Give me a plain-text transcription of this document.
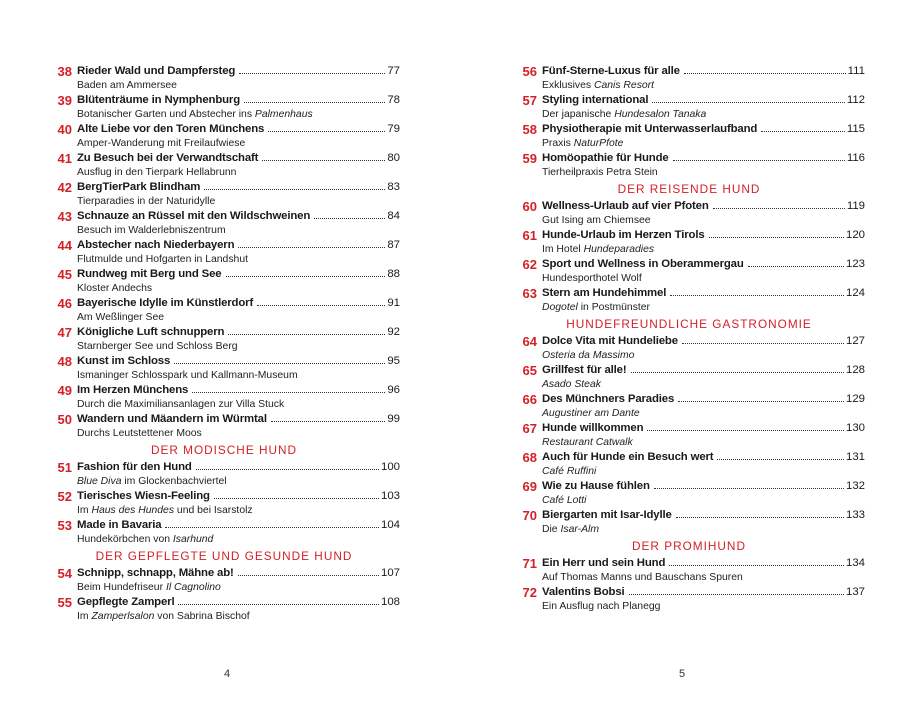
38 Rieder Wald und Dampfersteg	77
Baden am Ammersee
39 Blütenträume in Nymphenburg	78
Botanischer Garten und Abstecher ins Palmenhaus
40 Alte Liebe vor den Toren Münchens	79
Amper-Wanderung mit Freilaufwiese
41 Zu Besuch bei der Verwandtschaft	80
Ausflug in den Tierpark Hellabrunn
42 BergTierPark Blindham	83
Tierparadies in der Naturidylle
43 Schnauze an Rüssel mit den Wildschweinen	84
Besuch im Walderlebniszentrum
44 Abstecher nach Niederbayern	87
Flutmulde und Hofgarten in Landshut
45 Rundweg mit Berg und See	88
Kloster Andechs
46 Bayerische Idylle im Künstlerdorf	91
Am Weßlinger See
47 Königliche Luft schnuppern	92
Starnberger See und Schloss Berg
48 Kunst im Schloss	95
Ismaninger Schlosspark und Kallmann-Museum
49 Im Herzen Münchens	96
Durch die Maximiliansanlagen zur Villa Stuck
50 Wandern und Mäandern im Würmtal	99
Durchs Leutstettener Moos
DER MODISCHE HUND
51 Fashion für den Hund	100
Blue Diva im Glockenbachviertel
52 Tierisches Wiesn-Feeling	103
Im Haus des Hundes und bei Isarstolz
53 Made in Bavaria	104
Hundekörbchen von Isarhund
DER GEPFLEGTE UND GESUNDE HUND
54 Schnipp, schnapp, Mähne ab!	107
Beim Hundefriseur Il Cagnolino
55 Gepflegte Zamperl	108
Im Zamperlsalon von Sabrina Bischof
4
56 Fünf-Sterne-Luxus für alle	111
Exklusives Canis Resort
57 Styling international	112
Der japanische Hundesalon Tanaka
58 Physiotherapie mit Unterwasserlaufband	115
Praxis NaturPfote
59 Homöopathie für Hunde	116
Tierheilpraxis Petra Stein
DER REISENDE HUND
60 Wellness-Urlaub auf vier Pfoten	119
Gut Ising am Chiemsee
61 Hunde-Urlaub im Herzen Tirols	120
Im Hotel Hundeparadies
62 Sport und Wellness in Oberammergau	123
Hundesporthotel Wolf
63 Stern am Hundehimmel	124
Dogotel in Postmünster
HUNDEFREUNDLICHE GASTRONOMIE
64 Dolce Vita mit Hundeliebe	127
Osteria da Massimo
65 Grillfest für alle!	128
Asado Steak
66 Des Münchners Paradies	129
Augustiner am Dante
67 Hunde willkommen	130
Restaurant Catwalk
68 Auch für Hunde ein Besuch wert	131
Café Ruffini
69 Wie zu Hause fühlen	132
Café Lotti
70 Biergarten mit Isar-Idylle	133
Die Isar-Alm
DER PROMIHUND
71 Ein Herr und sein Hund	134
Auf Thomas Manns und Bauschans Spuren
72 Valentins Bobsi	137
Ein Ausflug nach Planegg
5
